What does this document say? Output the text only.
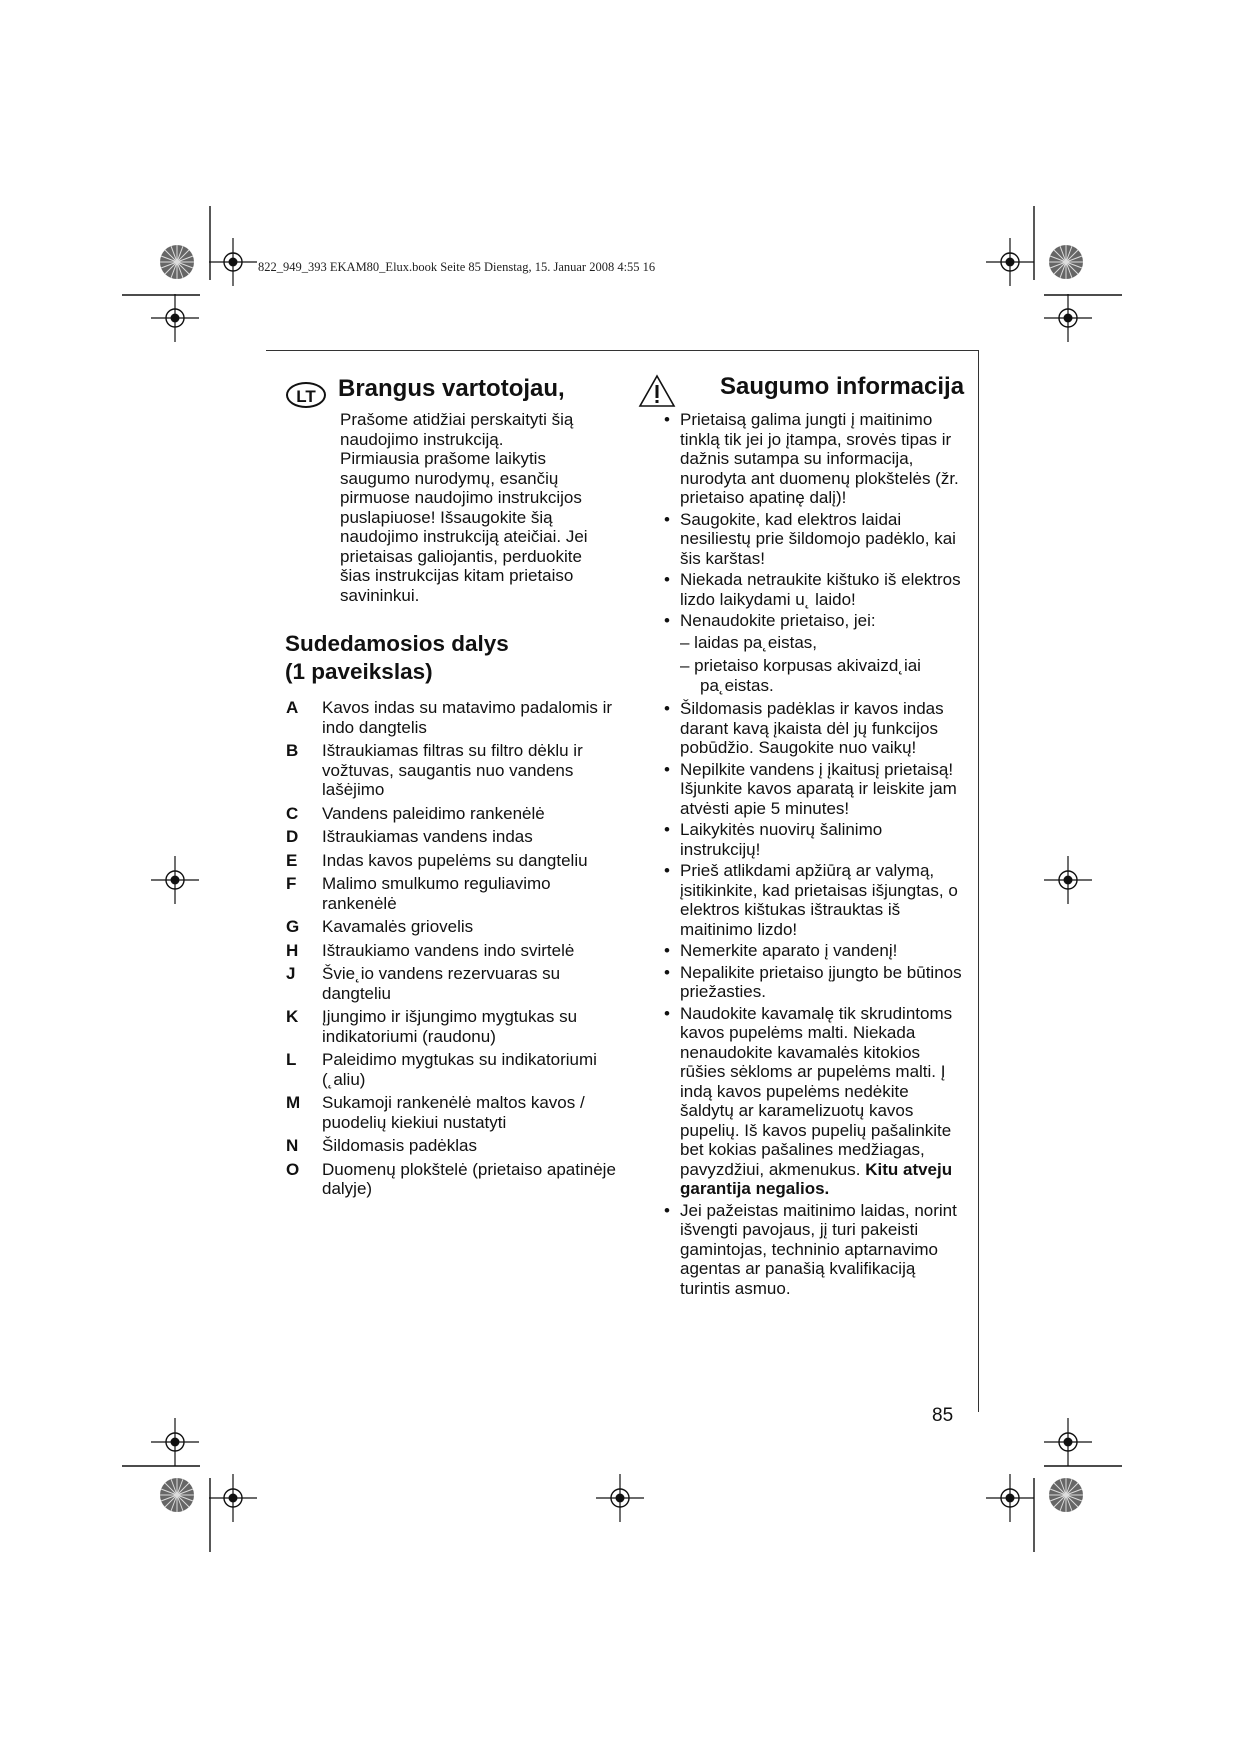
822_949_393 EKAM80_Elux.book Seite 85 Dienstag, 15. Januar 2008 4:55 16
LT Brangus vartotojau,

Prašome atidžiai perskaityti šią naudojimo instrukciją.

Pirmiausia prašome laikytis saugumo nurodymų, esančių pirmuose naudojimo instrukcijos puslapiuose! Išsaugokite šią naudojimo instrukciją ateičiai. Jei prietaisas galiojantis, perduokite šias instrukcijas kitam prietaiso savininkui.

Sudedamosios dalys
(1 paveikslas)
A	Kavos indas su matavimo padalomis ir indo dangtelis
B	Ištraukiamas filtras su filtro dėklu ir vožtuvas, saugantis nuo vandens lašėjimo
C	Vandens paleidimo rankenėlė
D	Ištraukiamas vandens indas
E	Indas kavos pupelėms su dangteliu
F	Malimo smulkumo reguliavimo rankenėlė
G	Kavamalės griovelis
H	Ištraukiamo vandens indo svirtelė
J	Švie˛io vandens rezervuaras su dangteliu
K	Įjungimo ir išjungimo mygtukas su indikatoriumi (raudonu)
L	Paleidimo mygtukas su indikatoriumi (˛aliu)
M	Sukamoji rankenėlė maltos kavos / puodelių kiekiui nustatyti
N	Šildomasis padėklas
O	Duomenų plokštelė (prietaiso apatinėje dalyje)
Saugumo informacija
• Prietaisą galima jungti į maitinimo tinklą tik jei jo įtampa, srovės tipas ir dažnis sutampa su informacija, nurodyta ant duomenų plokštelės (žr. prietaiso apatinę dalį)!
• Saugokite, kad elektros laidai nesiliestų prie šildomojo padėklo, kai šis karštas!
• Niekada netraukite kištuko iš elektros lizdo laikydami u˛ laido!
• Nenaudokite prietaiso, jei:
– laidas pa˛eistas,
– prietaiso korpusas akivaizd˛iai pa˛eistas.
• Šildomasis padėklas ir kavos indas darant kavą įkaista dėl jų funkcijos pobūdžio. Saugokite nuo vaikų!
• Nepilkite vandens į įkaitusį prietaisą! Išjunkite kavos aparatą ir leiskite jam atvėsti apie 5 minutes!
• Laikykitės nuovirų šalinimo instrukcijų!
• Prieš atlikdami apžiūrą ar valymą, įsitikinkite, kad prietaisas išjungtas, o elektros kištukas ištrauktas iš maitinimo lizdo!
• Nemerkite aparato į vandenį!
• Nepalikite prietaiso įjungto be būtinos priežasties.
• Naudokite kavamalę tik skrudintoms kavos pupelėms malti. Niekada nenaudokite kavamalės kitokios rūšies sėkloms ar pupelėms malti. Į indą kavos pupelėms nedėkite šaldytų ar karamelizuotų kavos pupelių. Iš kavos pupelių pašalinkite bet kokias pašalines medžiagas, pavyzdžiui, akmenukus. Kitu atveju garantija negalios.
• Jei pažeistas maitinimo laidas, norint išvengti pavojaus, jį turi pakeisti gamintojas, techninio aptarnavimo agentas ar panašią kvalifikaciją turintis asmuo.
85
